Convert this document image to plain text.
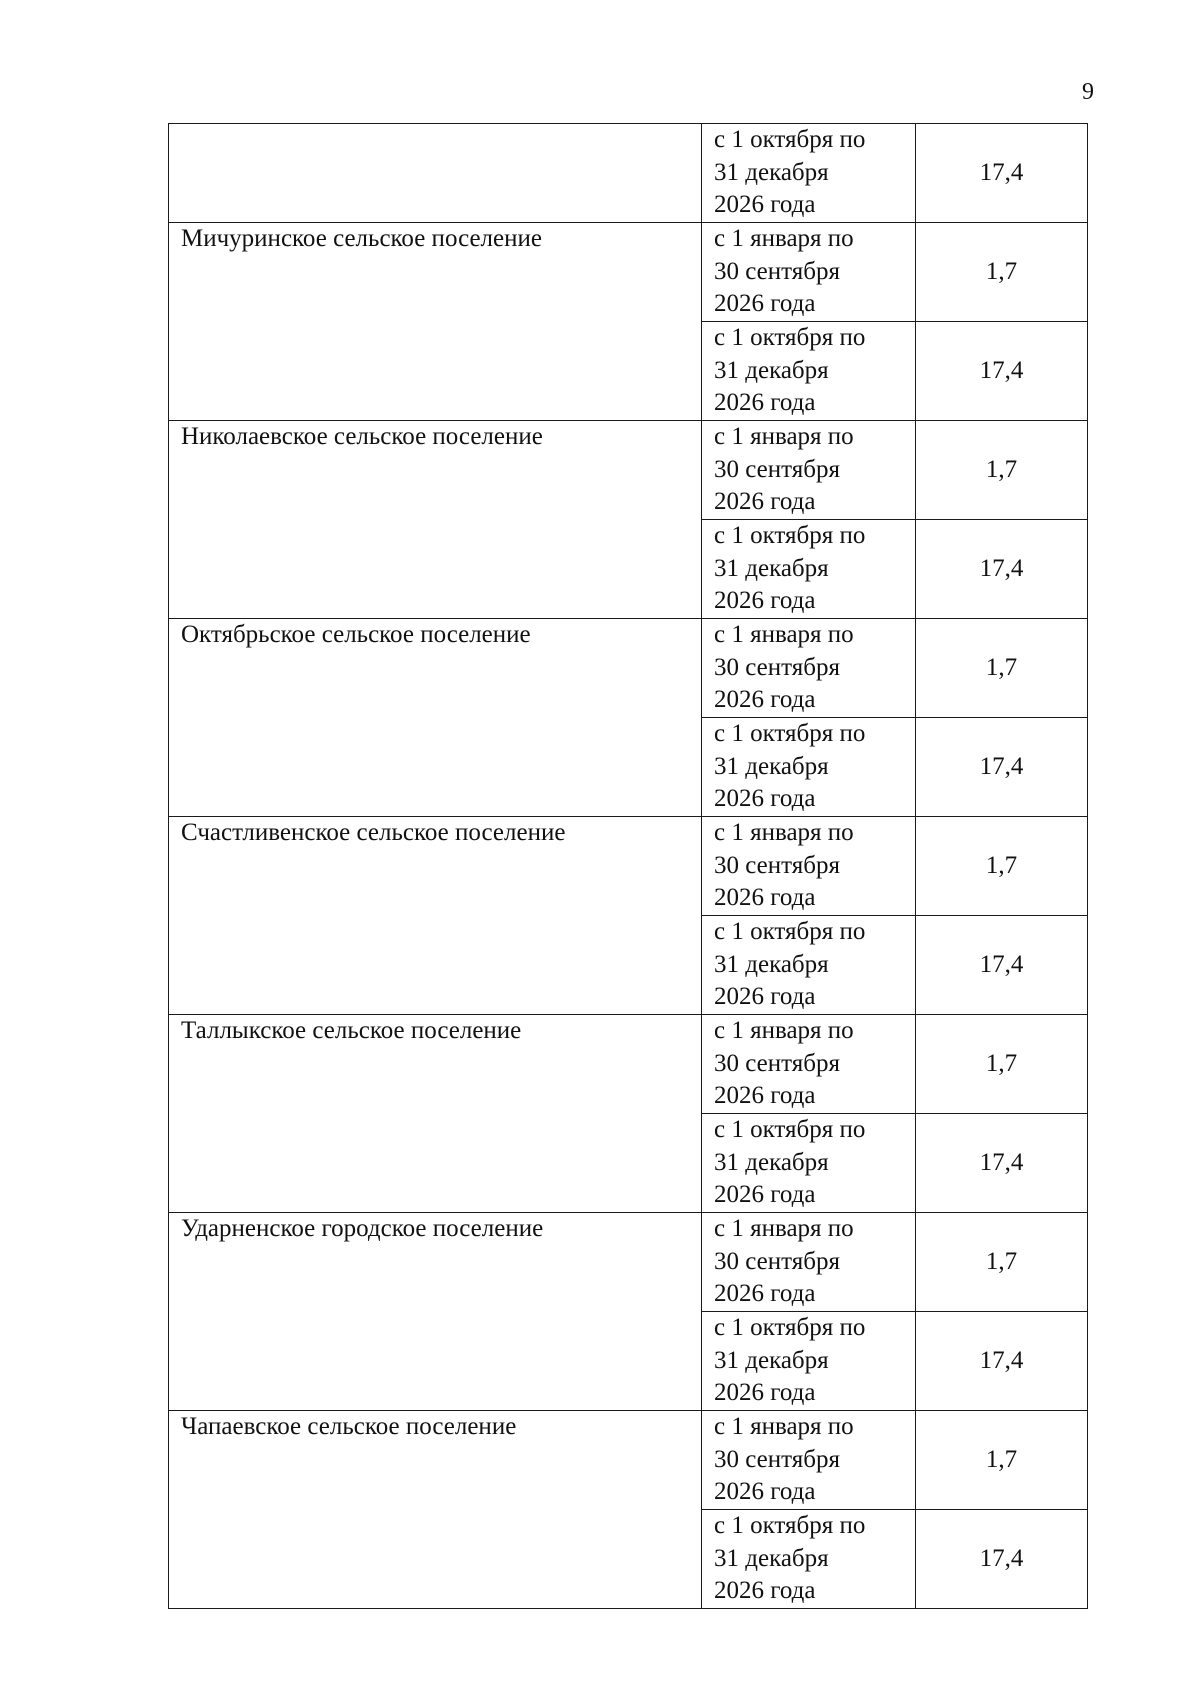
9

	с 1 октября по
31 декабря
2026 года	17,4

Мичуринское сельское поселение	с 1 января по
30 сентября
2026 года	1,7

	с 1 октября по
31 декабря
2026 года	17,4

Николаевское сельское поселение	с 1 января по
30 сентября
2026 года	1,7

	с 1 октября по
31 декабря
2026 года	17,4

Октябрьское сельское поселение	с 1 января по
30 сентября
2026 года	1,7

	с 1 октября по
31 декабря
2026 года	17,4

Счастливенское сельское поселение	с 1 января по
30 сентября
2026 года	1,7

	с 1 октября по
31 декабря
2026 года	17,4

Таллыкское сельское поселение	с 1 января по
30 сентября
2026 года	1,7

	с 1 октября по
31 декабря
2026 года	17,4

Ударненское городское поселение	с 1 января по
30 сентября
2026 года	1,7

	с 1 октября по
31 декабря
2026 года	17,4

Чапаевское сельское поселение	с 1 января по
30 сентября
2026 года	1,7

	с 1 октября по
31 декабря
2026 года	17,4
